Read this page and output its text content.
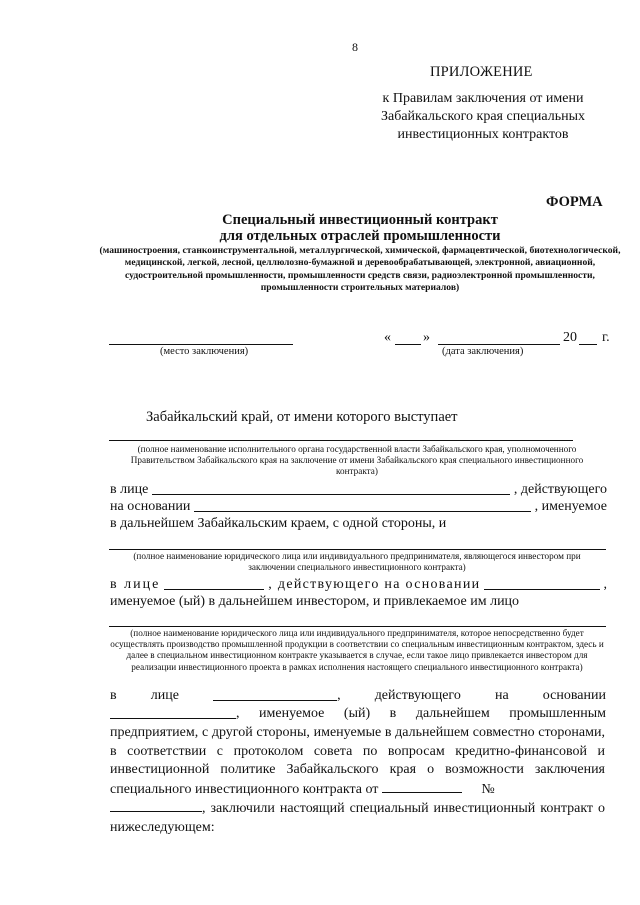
8
ПРИЛОЖЕНИЕ
к Правилам заключения от имени Забайкальского края специальных инвестиционных контрактов
ФОРМА
Специальный инвестиционный контракт
для отдельных отраслей промышленности
(машиностроения, станкоинструментальной, металлургической, химической, фармацевтической, биотехнологической, медицинской, легкой, лесной, целлюлозно-бумажной и деревообрабатывающей, электронной, авиационной, судостроительной промышленности, промышленности средств связи, радиоэлектронной промышленности, промышленности строительных материалов)
(место заключения)
« »	20 г.
(дата заключения)
Забайкальский край, от имени которого выступает
(полное наименование исполнительного органа государственной власти Забайкальского края, уполномоченного Правительством Забайкальского края на заключение от имени Забайкальского края специального инвестиционного контракта)
в лице	, действующего
на основании	, именуемое
в дальнейшем Забайкальским краем, с одной стороны, и
(полное наименование юридического лица или индивидуального предпринимателя, являющегося инвестором при заключении специального инвестиционного контракта)
в лице	, действующего на основании	,
именуемое (ый) в дальнейшем инвестором, и привлекаемое им лицо
(полное наименование юридического лица или индивидуального предпринимателя, которое непосредственно будет осуществлять производство промышленной продукции в соответствии со специальным инвестиционным контрактом, здесь и далее в специальном инвестиционном контракте указывается в случае, если такое лицо привлекается инвестором для реализации инвестиционного проекта в рамках исполнения настоящего специального инвестиционного контракта)
в лице	, действующего на основании
, именуемое (ый) в дальнейшем промышленным
предприятием, с другой стороны, именуемые в дальнейшем совместно сторонами, в соответствии с протоколом совета по вопросам кредитно-финансовой и инвестиционной политике Забайкальского края о возможности заключения специального инвестиционного контракта от	№
, заключили настоящий специальный инвестиционный контракт о нижеследующем:
